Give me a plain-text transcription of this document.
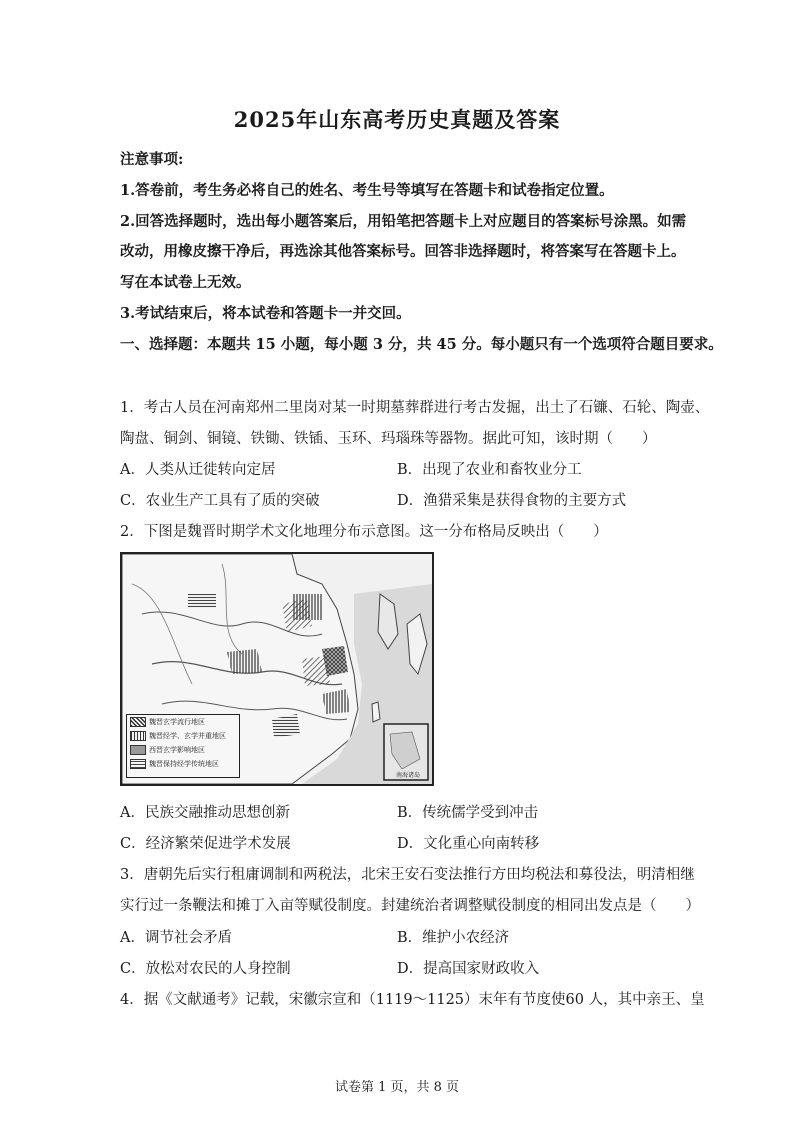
2025年山东高考历史真题及答案
注意事项:
1.答卷前，考生务必将自己的姓名、考生号等填写在答题卡和试卷指定位置。
2.回答选择题时，选出每小题答案后，用铅笔把答题卡上对应题目的答案标号涂黑。如需
改动，用橡皮擦干净后，再选涂其他答案标号。回答非选择题时，将答案写在答题卡上。
写在本试卷上无效。
3.考试结束后，将本试卷和答题卡一并交回。
一、选择题：本题共 15 小题，每小题 3 分，共 45 分。每小题只有一个选项符合题目要求。
1．考古人员在河南郑州二里岗对某一时期墓葬群进行考古发掘，出土了石镰、石轮、陶壶、
陶盘、铜剑、铜镜、铁锄、铁锸、玉环、玛瑙珠等器物。据此可知，该时期（　　）
A．人类从迁徙转向定居	B．出现了农业和畜牧业分工
C．农业生产工具有了质的突破	D．渔猎采集是获得食物的主要方式
2．下图是魏晋时期学术文化地理分布示意图。这一分布格局反映出（　　）
南海诸岛
魏晋玄学流行地区
魏晋经学、玄学并重地区
西晋玄学影响地区
魏晋保持经学传统地区
A．民族交融推动思想创新	B．传统儒学受到冲击
C．经济繁荣促进学术发展	D．文化重心向南转移
3．唐朝先后实行租庸调制和两税法，北宋王安石变法推行方田均税法和募役法，明清相继
实行过一条鞭法和摊丁入亩等赋役制度。封建统治者调整赋役制度的相同出发点是（　　）
A．调节社会矛盾	B．维护小农经济
C．放松对农民的人身控制	D．提高国家财政收入
4．据《文献通考》记载，宋徽宗宣和（1119～1125）末年有节度使60 人，其中亲王、皇
试卷第 1 页，共 8 页
